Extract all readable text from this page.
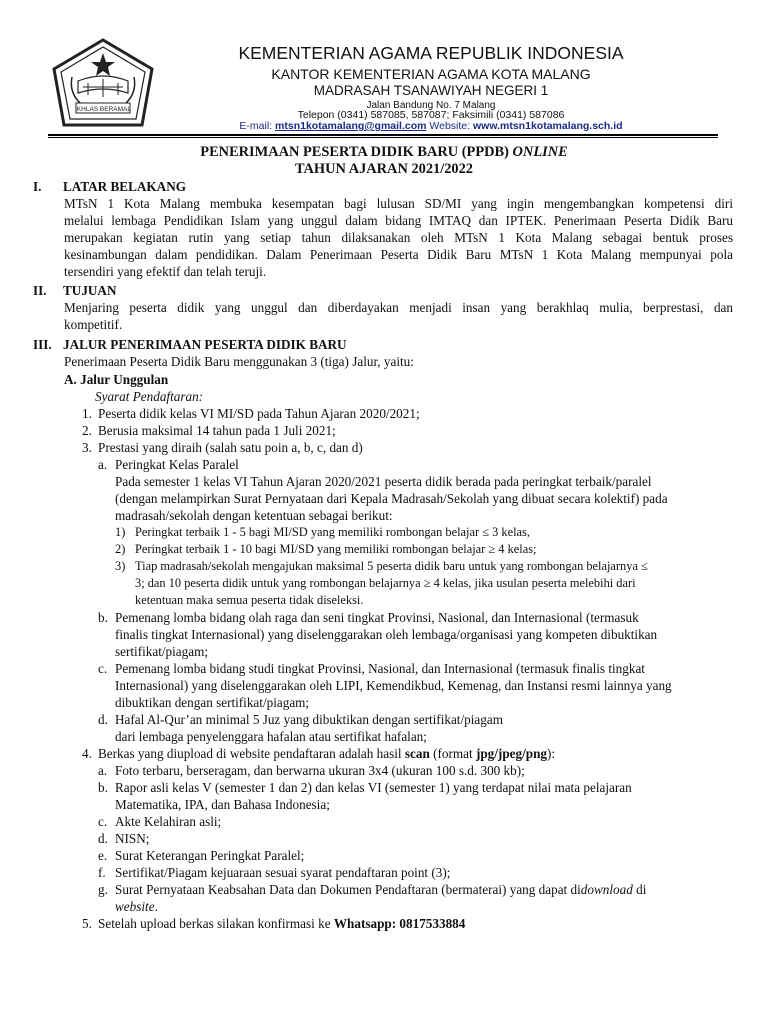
IKHLAS BERAMAL
KEMENTERIAN AGAMA REPUBLIK INDONESIA
KANTOR KEMENTERIAN AGAMA KOTA MALANG
MADRASAH TSANAWIYAH NEGERI 1
Jalan Bandung No. 7 Malang
Telepon (0341) 587085, 587087; Faksimili (0341) 587086
E-mail: mtsn1kotamalang@gmail.com Website: www.mtsn1kotamalang.sch.id
PENERIMAAN PESERTA DIDIK BARU (PPDB) ONLINE
TAHUN AJARAN 2021/2022
I. LATAR BELAKANG
MTsN 1 Kota Malang membuka kesempatan bagi lulusan SD/MI yang ingin mengembangkan kompetensi diri
melalui lembaga Pendidikan Islam yang unggul dalam bidang IMTAQ dan IPTEK. Penerimaan Peserta Didik Baru
merupakan kegiatan rutin yang setiap tahun dilaksanakan oleh MTsN 1 Kota Malang sebagai bentuk proses
kesinambungan dalam pendidikan. Dalam Penerimaan Peserta Didik Baru MTsN 1 Kota Malang mempunyai pola
tersendiri yang efektif dan telah teruji.
II. TUJUAN
Menjaring peserta didik yang unggul dan diberdayakan menjadi insan yang berakhlaq mulia, berprestasi, dan
kompetitif.
III. JALUR PENERIMAAN PESERTA DIDIK BARU
Penerimaan Peserta Didik Baru menggunakan 3 (tiga) Jalur, yaitu:
A. Jalur Unggulan
Syarat Pendaftaran:
1. Peserta didik kelas VI MI/SD pada Tahun Ajaran 2020/2021;
2. Berusia maksimal 14 tahun pada 1 Juli 2021;
3. Prestasi yang diraih (salah satu poin a, b, c, dan d)
a. Peringkat Kelas Paralel
Pada semester 1 kelas VI Tahun Ajaran 2020/2021 peserta didik berada pada peringkat terbaik/paralel
(dengan melampirkan Surat Pernyataan dari Kepala Madrasah/Sekolah yang dibuat secara kolektif) pada
madrasah/sekolah dengan ketentuan sebagai berikut:
1) Peringkat terbaik 1 - 5 bagi MI/SD yang memiliki rombongan belajar ≤ 3 kelas,
2) Peringkat terbaik 1 - 10 bagi MI/SD yang memiliki rombongan belajar ≥ 4 kelas;
3) Tiap madrasah/sekolah mengajukan maksimal 5 peserta didik baru untuk yang rombongan belajarnya ≤
3; dan 10 peserta didik untuk yang rombongan belajarnya ≥ 4 kelas, jika usulan peserta melebihi dari
ketentuan maka semua peserta tidak diseleksi.
b. Pemenang lomba bidang olah raga dan seni tingkat Provinsi, Nasional, dan Internasional (termasuk
finalis tingkat Internasional) yang diselenggarakan oleh lembaga/organisasi yang kompeten dibuktikan
sertifikat/piagam;
c. Pemenang lomba bidang studi tingkat Provinsi, Nasional, dan Internasional (termasuk finalis tingkat
Internasional) yang diselenggarakan oleh LIPI, Kemendikbud, Kemenag, dan Instansi resmi lainnya yang
dibuktikan dengan sertifikat/piagam;
d. Hafal Al-Qur’an minimal 5 Juz yang dibuktikan dengan sertifikat/piagam
dari lembaga penyelenggara hafalan atau sertifikat hafalan;
4. Berkas yang diupload di website pendaftaran adalah hasil scan (format jpg/jpeg/png):
a. Foto terbaru, berseragam, dan berwarna ukuran 3x4 (ukuran 100 s.d. 300 kb);
b. Rapor asli kelas V (semester 1 dan 2) dan kelas VI (semester 1) yang terdapat nilai mata pelajaran
Matematika, IPA, dan Bahasa Indonesia;
c. Akte Kelahiran asli;
d. NISN;
e. Surat Keterangan Peringkat Paralel;
f. Sertifikat/Piagam kejuaraan sesuai syarat pendaftaran point (3);
g. Surat Pernyataan Keabsahan Data dan Dokumen Pendaftaran (bermaterai) yang dapat didownload di
website.
5. Setelah upload berkas silakan konfirmasi ke Whatsapp: 0817533884
